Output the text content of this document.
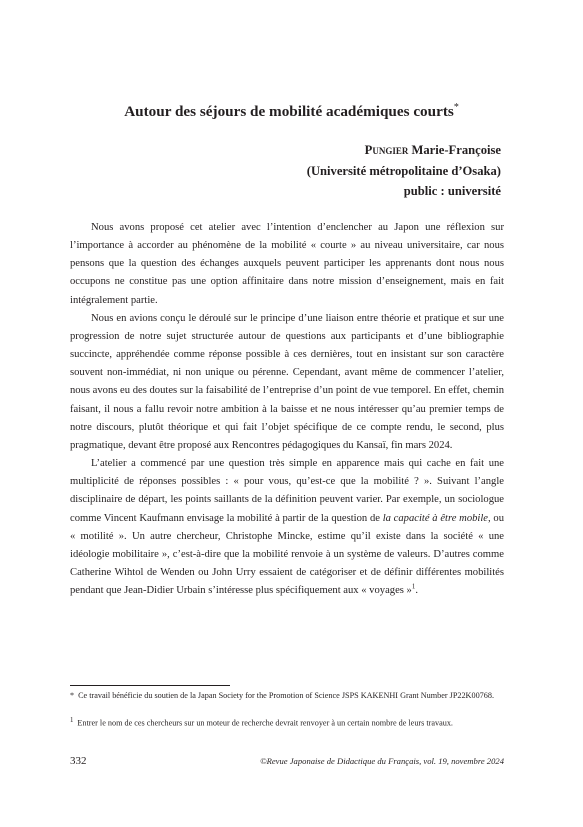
Autour des séjours de mobilité académiques courts*
Pungier Marie-Françoise
(Université métropolitaine d’Osaka)
public : université

Nous avons proposé cet atelier avec l’intention d’enclencher au Japon une réflexion sur l’importance à accorder au phénomène de la mobilité « courte » au niveau universitaire, car nous pensons que la question des échanges auxquels peuvent participer les apprenants dont nous nous occupons ne constitue pas une option affinitaire dans notre mission d’enseignement, mais en fait intégralement partie.

Nous en avions conçu le déroulé sur le principe d’une liaison entre théorie et pratique et sur une progression de notre sujet structurée autour de questions aux participants et d’une bibliographie succincte, appréhendée comme réponse possible à ces dernières, tout en insistant sur son caractère souvent non-immédiat, ni non unique ou pérenne. Cependant, avant même de commencer l’atelier, nous avons eu des doutes sur la faisabilité de l’entreprise d’un point de vue temporel. En effet, chemin faisant, il nous a fallu revoir notre ambition à la baisse et ne nous intéresser qu’au premier temps de notre discours, plutôt théorique et qui fait l’objet spécifique de ce compte rendu, le second, plus pragmatique, devant être proposé aux Rencontres pédagogiques du Kansaï, fin mars 2024.

L’atelier a commencé par une question très simple en apparence mais qui cache en fait une multiplicité de réponses possibles : « pour vous, qu’est-ce que la mobilité ? ». Suivant l’angle disciplinaire de départ, les points saillants de la définition peuvent varier. Par exemple, un sociologue comme Vincent Kaufmann envisage la mobilité à partir de la question de la capacité à être mobile, ou « motilité ». Un autre chercheur, Christophe Mincke, estime qu’il existe dans la société « une idéologie mobilitaire », c’est-à-dire que la mobilité renvoie à un système de valeurs. D’autres comme Catherine Wihtol de Wenden ou John Urry essaient de catégoriser et de définir différentes mobilités pendant que Jean-Didier Urbain s’intéresse plus spécifiquement aux « voyages »$^1$.

* Ce travail bénéficie du soutien de la Japan Society for the Promotion of Science JSPS KAKENHI Grant Number JP22K00768.
$^1$ Entrer le nom de ces chercheurs sur un moteur de recherche devrait renvoyer à un certain nombre de leurs travaux.
332	©Revue Japonaise de Didactique du Français, vol. 19, novembre 2024
